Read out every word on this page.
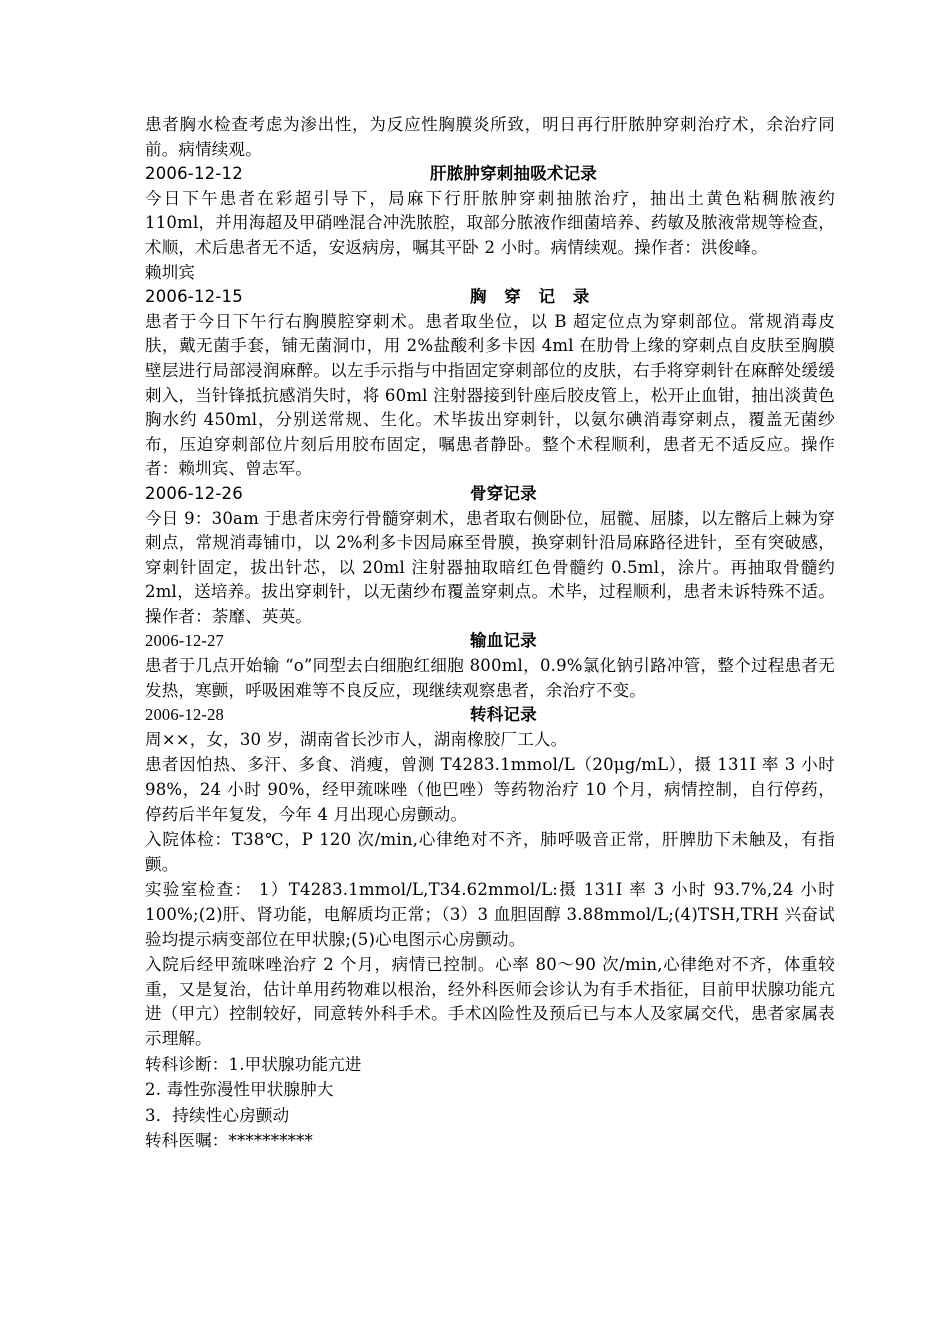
患者胸水检查考虑为渗出性，为反应性胸膜炎所致，明日再行肝脓肿穿刺治疗术，余治疗同前。病情续观。

2006-12-12	肝脓肿穿刺抽吸术记录

今日下午患者在彩超引导下，局麻下行肝脓肿穿刺抽脓治疗，抽出土黄色粘稠脓液约 110ml，并用海超及甲硝唑混合冲洗脓腔，取部分脓液作细菌培养、药敏及脓液常规等检查，术顺，术后患者无不适，安返病房，嘱其平卧 2 小时。病情续观。操作者：洪俊峰。

赖圳宾

2006-12-15	胸 穿 记 录

患者于今日下午行右胸膜腔穿刺术。患者取坐位，以 B 超定位点为穿刺部位。常规消毒皮肤，戴无菌手套，铺无菌洞巾，用 2%盐酸利多卡因 4ml 在肋骨上缘的穿刺点自皮肤至胸膜壁层进行局部浸润麻醉。以左手示指与中指固定穿刺部位的皮肤，右手将穿刺针在麻醉处缓缓刺入，当针锋抵抗感消失时，将 60ml 注射器接到针座后胶皮管上，松开止血钳，抽出淡黄色胸水约 450ml，分别送常规、生化。术毕拔出穿刺针，以氨尔碘消毒穿刺点，覆盖无菌纱布，压迫穿刺部位片刻后用胶布固定，嘱患者静卧。整个术程顺利，患者无不适反应。操作者：赖圳宾、曾志军。

2006-12-26	骨穿记录

今日 9：30am 于患者床旁行骨髓穿刺术，患者取右侧卧位，屈髋、屈膝，以左髂后上棘为穿刺点，常规消毒铺巾，以 2%利多卡因局麻至骨膜，换穿刺针沿局麻路径进针，至有突破感，穿刺针固定，拔出针芯，以 20ml 注射器抽取暗红色骨髓约 0.5ml，涂片。再抽取骨髓约 2ml，送培养。拔出穿刺针，以无菌纱布覆盖穿刺点。术毕，过程顺利，患者未诉特殊不适。操作者：荼靡、英英。

2006-12-27	输血记录

患者于几点开始输 “o”同型去白细胞红细胞 800ml，0.9%氯化钠引路冲管，整个过程患者无发热，寒颤，呼吸困难等不良反应，现继续观察患者，余治疗不变。

2006-12-28	转科记录

周××，女，30 岁，湖南省长沙市人，湖南橡胶厂工人。

患者因怕热、多汗、多食、消瘦，曾测 T4283.1mmol/L（20μg/mL），摄 131I 率 3 小时 98%，24 小时 90%，经甲巯咪唑（他巴唑）等药物治疗 10 个月，病情控制，自行停药，停药后半年复发，今年 4 月出现心房颤动。

入院体检：T38℃，P 120 次/min,心律绝对不齐，肺呼吸音正常，肝脾肋下未触及，有指颤。

实验室检查： 1）T4283.1mmol/L,T34.62mmol/L:摄 131I 率 3 小时 93.7%,24 小时 100%;(2)肝、肾功能，电解质均正常；（3）3 血胆固醇 3.88mmol/L;(4)TSH,TRH 兴奋试验均提示病变部位在甲状腺;(5)心电图示心房颤动。

入院后经甲巯咪唑治疗 2 个月，病情已控制。心率 80～90 次/min,心律绝对不齐，体重较重，又是复治，估计单用药物难以根治，经外科医师会诊认为有手术指征，目前甲状腺功能亢进（甲亢）控制较好，同意转外科手术。手术凶险性及预后已与本人及家属交代，患者家属表示理解。

转科诊断：1.甲状腺功能亢进

2. 毒性弥漫性甲状腺肿大

3．持续性心房颤动

转科医嘱：**********
